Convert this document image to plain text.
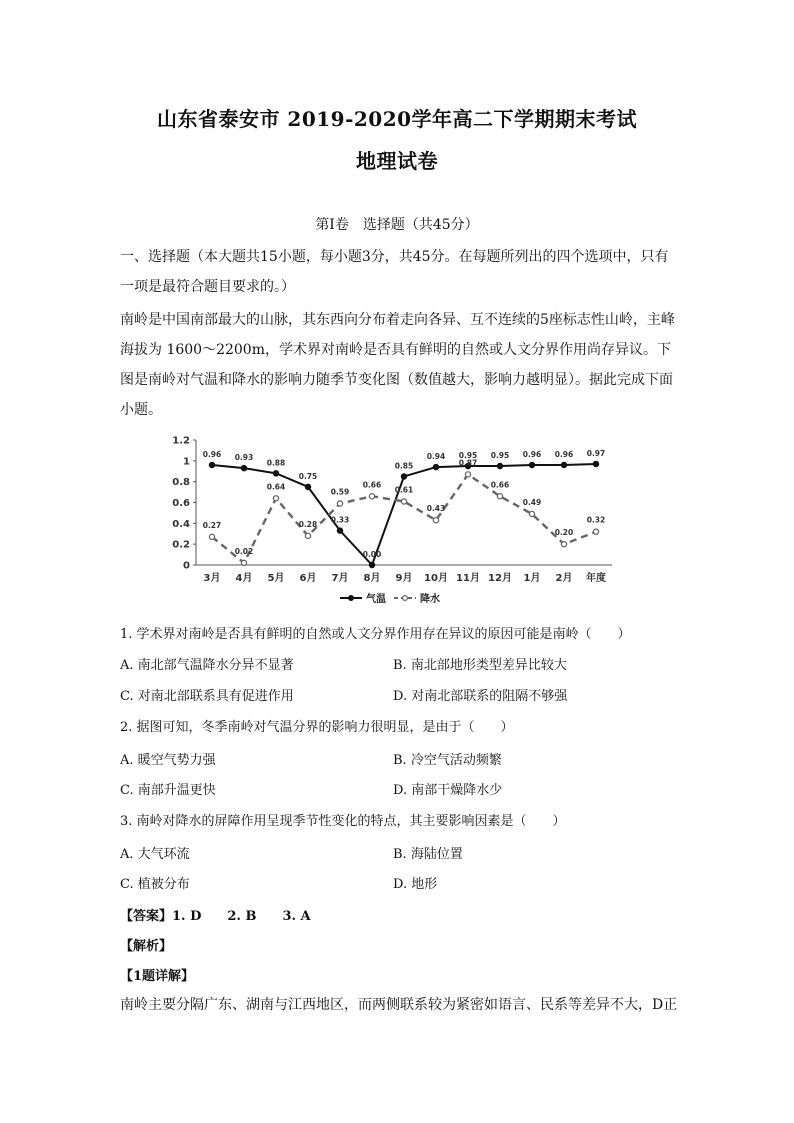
山东省泰安市 2019-2020学年高二下学期期末考试
地理试卷
第Ⅰ卷　选择题（共45分）
一、选择题（本大题共15小题，每小题3分，共45分。在每题所列出的四个选项中，只有一项是最符合题目要求的。）
南岭是中国南部最大的山脉，其东西向分布着走向各异、互不连续的5座标志性山岭，主峰海拔为 1600～2200m，学术界对南岭是否具有鲜明的自然或人文分界作用尚存异议。下图是南岭对气温和降水的影响力随季节变化图（数值越大，影响力越明显）。据此完成下面小题。
0
0.2
0.4
0.6
0.8
1
1.2
3月 4月 5月 6月 7月 8月 9月 10月 11月 12月 1月 2月 年度
0.96 0.93
0.88
0.75
0.33
0.00
0.85
0.94 0.95 0.95 0.96 0.96 0.97
0.27
0.02
0.64
0.28
0.59
0.66
0.61
0.43
0.87
0.66
0.49
0.20
0.32
气温	降水
1. 学术界对南岭是否具有鲜明的自然或人文分界作用存在异议的原因可能是南岭（　　）
A. 南北部气温降水分异不显著	B. 南北部地形类型差异比较大
C. 对南北部联系具有促进作用	D. 对南北部联系的阻隔不够强
2. 据图可知，冬季南岭对气温分界的影响力很明显，是由于（　　）
A. 暖空气势力强	B. 冷空气活动频繁
C. 南部升温更快	D. 南部干燥降水少
3. 南岭对降水的屏障作用呈现季节性变化的特点，其主要影响因素是（　　）
A. 大气环流	B. 海陆位置
C. 植被分布	D. 地形
【答案】1. D　　2. B　　3. A
【解析】
【1题详解】
南岭主要分隔广东、湖南与江西地区，而两侧联系较为紧密如语言、民系等差异不大，D正
